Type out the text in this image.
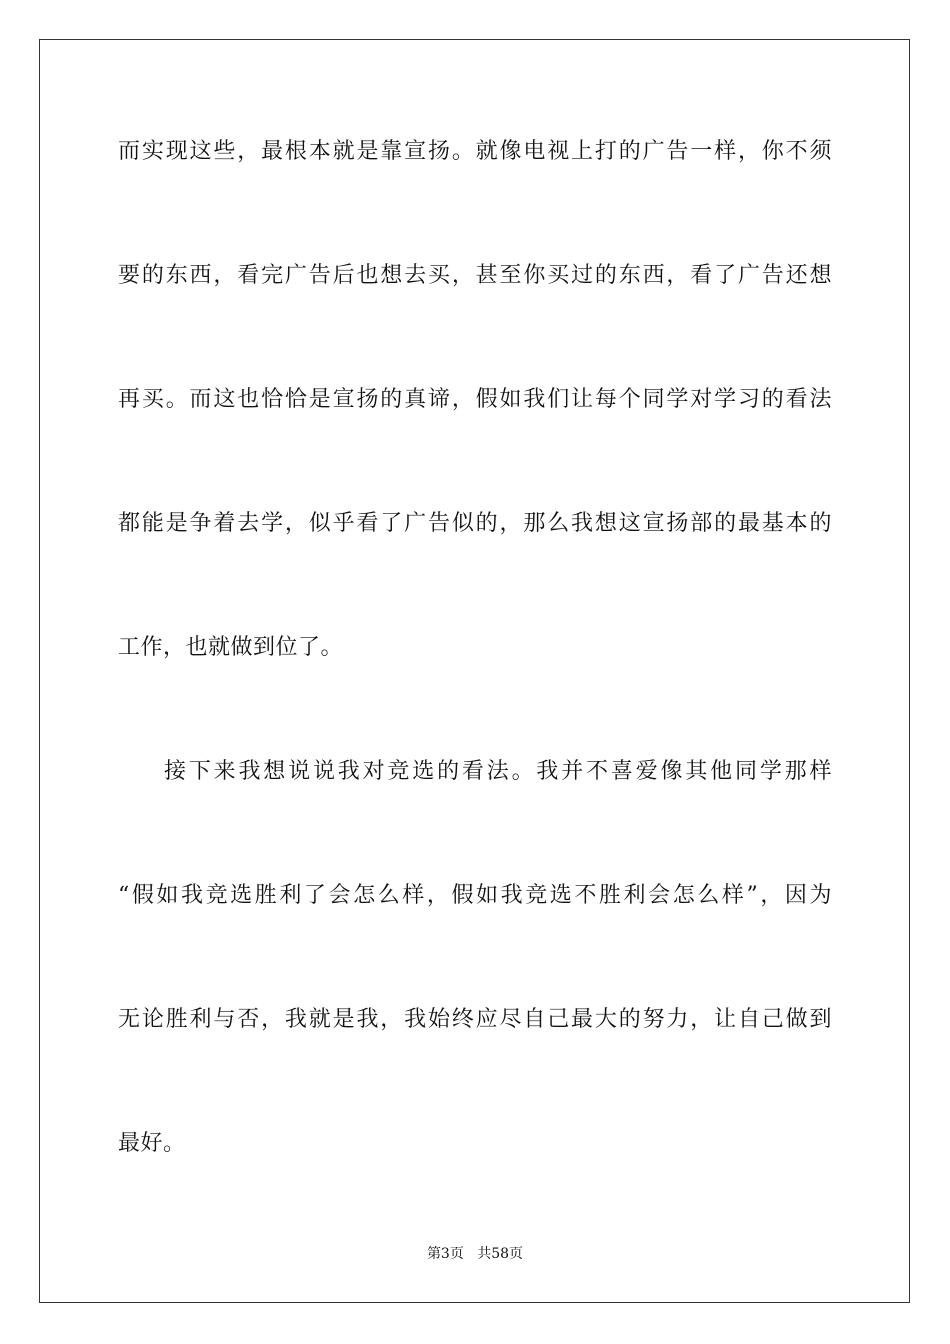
而实现这些，最根本就是靠宣扬。就像电视上打的广告一样，你不须
要的东西，看完广告后也想去买，甚至你买过的东西，看了广告还想
再买。而这也恰恰是宣扬的真谛，假如我们让每个同学对学习的看法
都能是争着去学，似乎看了广告似的，那么我想这宣扬部的最基本的
工作，也就做到位了。
接下来我想说说我对竞选的看法。我并不喜爱像其他同学那样
“假如我竞选胜利了会怎么样，假如我竞选不胜利会怎么样”，因为
无论胜利与否，我就是我，我始终应尽自己最大的努力，让自己做到
最好。
第3页 共58页
